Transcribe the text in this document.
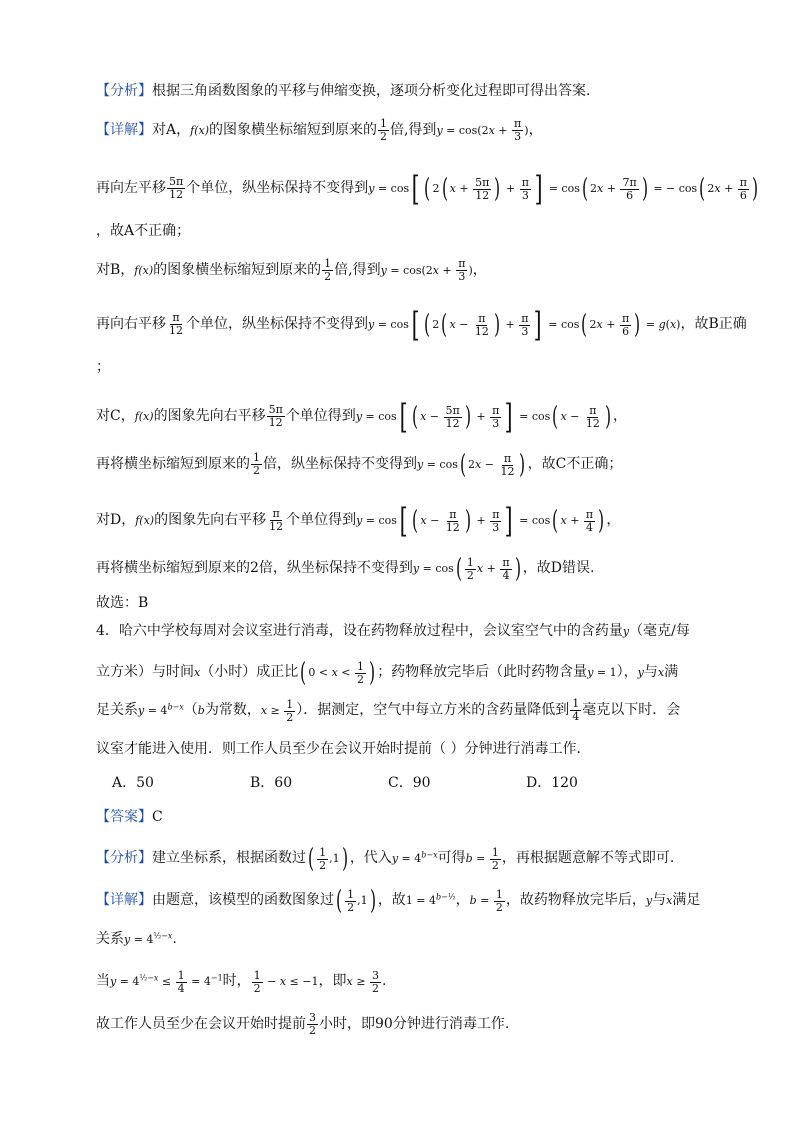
【分析】根据三角函数图象的平移与伸缩变换，逐项分析变化过程即可得出答案.
【详解】对A，f(x)的图象横坐标缩短到原来的 $\frac{1}{2}$ 倍,得到$y = \cos(2x + \frac{\pi}{3}$ )，
再向左平移 $\frac{5\pi}{12}$ 个单位，纵坐标保持不变得到y = cos[ ( 2( $x + \frac{5\pi}{12}$ ) + $\frac{\pi}{3}$ ] = cos( $2x + \frac{7\pi}{6}$ ) = − cos( $2x + \frac{\pi}{6}$ )
，故A不正确；
对B，f(x)的图象横坐标缩短到原来的 $\frac{1}{2}$ 倍,得到$y = \cos(2x + \frac{\pi}{3}$ )，
再向右平移 $\frac{\pi}{12}$ 个单位，纵坐标保持不变得到y = cos[ ( 2( $x - \frac{\pi}{12}$ ) + $\frac{\pi}{3}$ ] = cos( $2x + \frac{\pi}{6}$ ) = g(x)，故B正确
；
对C，f(x)的图象先向右平移 $\frac{5\pi}{12}$ 个单位得到y = cos[ ( $x - \frac{5\pi}{12}$ ) + $\frac{\pi}{3}$ ] = cos( $x - \frac{\pi}{12}$ ) ，
再将横坐标缩短到原来的 $\frac{1}{2}$ 倍，纵坐标保持不变得到y = cos( $2x - \frac{\pi}{12}$ ) ，故C不正确；
对D，f(x)的图象先向右平移 $\frac{\pi}{12}$ 个单位得到y = cos[ ( $x - \frac{\pi}{12}$ ) + $\frac{\pi}{3}$ ] = cos( $x + \frac{\pi}{4}$ ) ，
再将横坐标缩短到原来的2倍，纵坐标保持不变得到$y = \cos( \frac{1}{2}$ $x + \frac{\pi}{4}$ ) ，故D错误.
故选：B
4．哈六中学校每周对会议室进行消毒，设在药物释放过程中，会议室空气中的含药量y（毫克/每
立方米）与时间x（小时）成正比( $0 < x < \frac{1}{2}$ ) ；药物释放完毕后（此时药物含量y = 1），y与x满
足关系$y = 4^{b-x}(b$为常数，$x \ge \frac{1}{2}$ ）．据测定，空气中每立方米的含药量降低到 $\frac{1}{4}$ 毫克以下时．会
议室才能进入使用．则工作人员至少在会议开始时提前（ ）分钟进行消毒工作．
A．50	B．60	C．90	D．120
【答案】C
【分析】建立坐标系，根据函数过( $\frac{1}{2} ,1$) ，代入$y = 4^{b-x}$可得$b = \frac{1}{2}$ ，再根据题意解不等式即可.
【详解】由题意，该模型的函数图象过( $\frac{1}{2} ,1$) ，故$1 = 4^{b-\frac{1}{2}}$，$b = \frac{1}{2}$ ，故药物释放完毕后，y与x满足
关系$y = 4^{\frac{1}{2}-x}$.
当$y = 4^{\frac{1}{2}-x} \le \frac{1}{4} = 4^{-1}$时， $\frac{1}{2} - x \le -1$，即$x \ge \frac{3}{2}$ .
故工作人员至少在会议开始时提前 $\frac{3}{2}$ 小时，即90分钟进行消毒工作.
